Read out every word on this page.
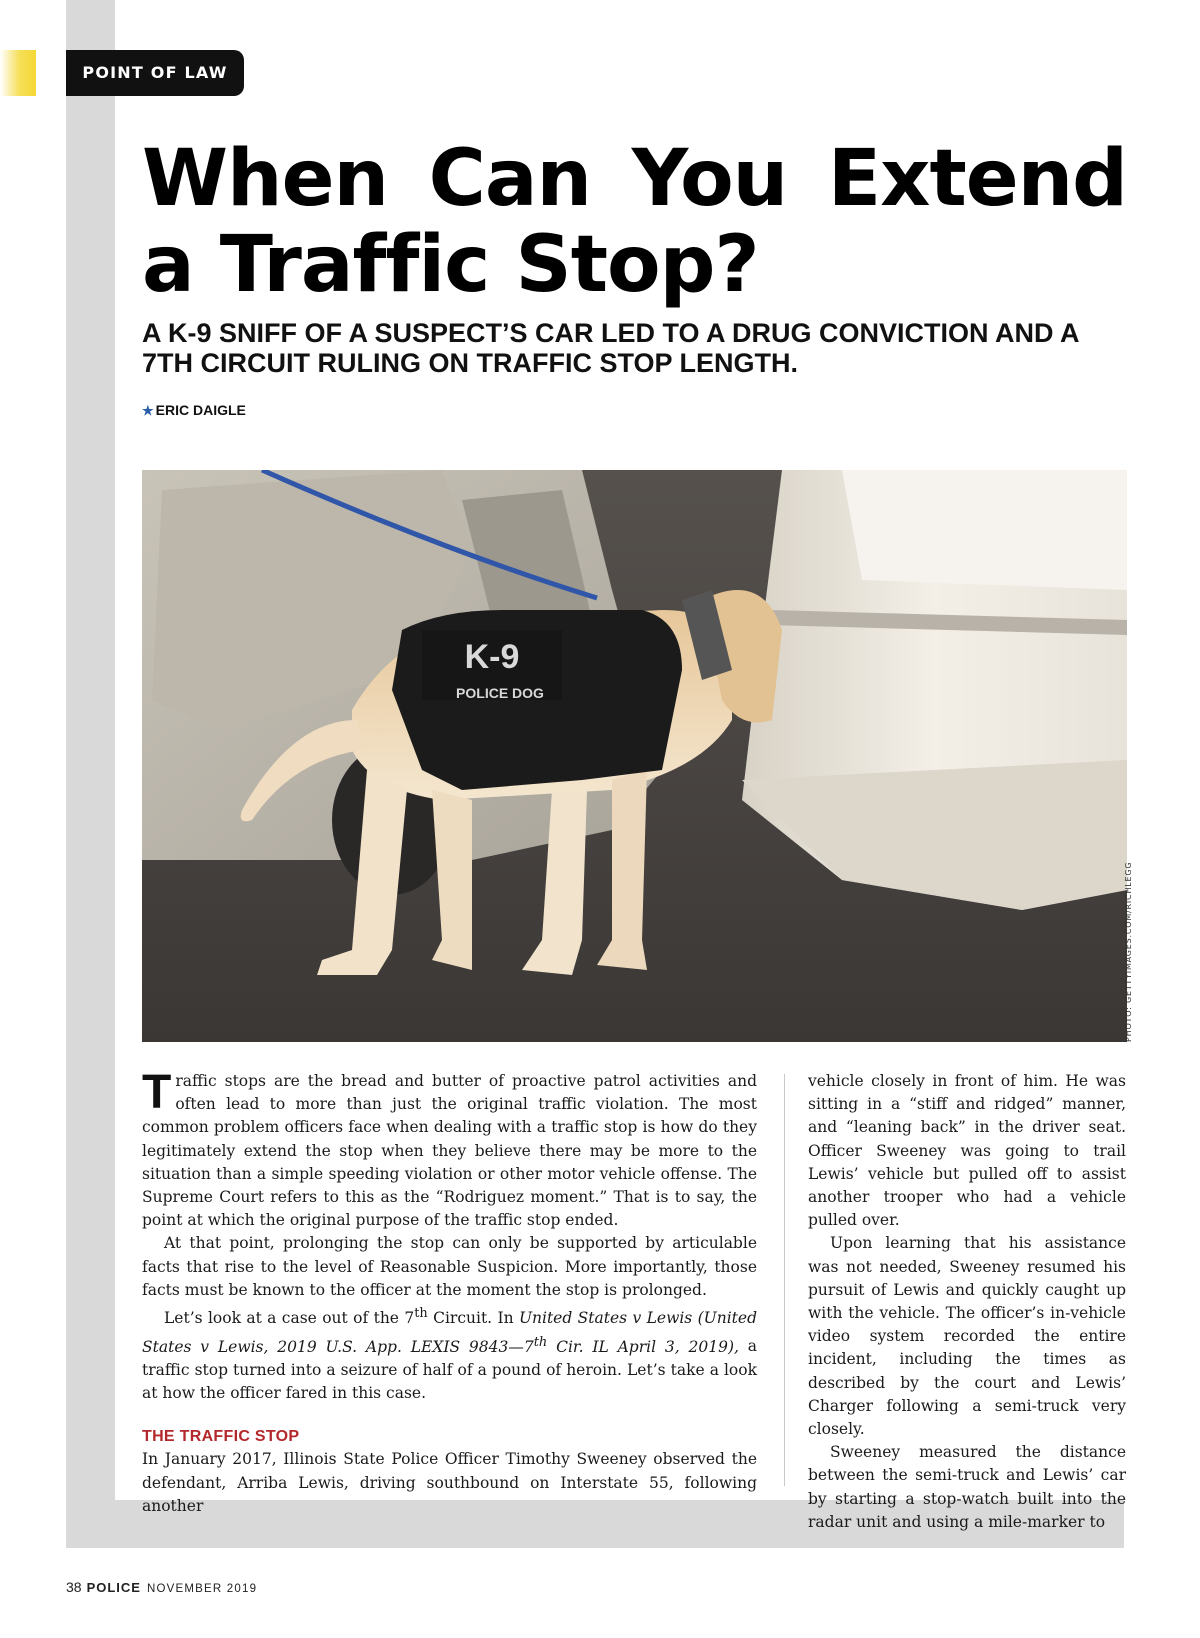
POINT OF LAW
When Can You Extend
a Traffic Stop?
A K-9 SNIFF OF A SUSPECT’S CAR LED TO A DRUG CONVICTION AND A 7TH CIRCUIT RULING ON TRAFFIC STOP LENGTH.
★ ERIC DAIGLE
K-9
POLICE DOG
PHOTO: GETTYIMAGES.COM/RICHLEGG

Traffic stops are the bread and butter of proactive patrol activities and often lead to more than just the original traffic violation. The most common problem officers face when dealing with a traffic stop is how do they legitimately extend the stop when they believe there may be more to the situation than a simple speeding violation or other motor vehicle offense. The Supreme Court refers to this as the “Rodriguez moment.” That is to say, the point at which the original purpose of the traffic stop ended.

At that point, prolonging the stop can only be supported by articulable facts that rise to the level of Reasonable Suspicion. More importantly, those facts must be known to the officer at the moment the stop is prolonged.

Let’s look at a case out of the 7th Circuit. In United States v Lewis (United States v Lewis, 2019 U.S. App. LEXIS 9843—7th Cir. IL April 3, 2019), a traffic stop turned into a seizure of half of a pound of heroin. Let’s take a look at how the officer fared in this case.

THE TRAFFIC STOP

In January 2017, Illinois State Police Officer Timothy Sweeney observed the defendant, Arriba Lewis, driving southbound on Interstate 55, following another

vehicle closely in front of him. He was sitting in a “stiff and ridged” manner, and “leaning back” in the driver seat. Officer Sweeney was going to trail Lewis’ vehicle but pulled off to assist another trooper who had a vehicle pulled over.

Upon learning that his assistance was not needed, Sweeney resumed his pursuit of Lewis and quickly caught up with the vehicle. The officer’s in-vehicle video system recorded the entire incident, including the times as described by the court and Lewis’ Charger following a semi-truck very closely.

Sweeney measured the distance between the semi-truck and Lewis’ car by starting a stop-watch built into the radar unit and using a mile-marker to

38 POLICE NOVEMBER 2019
